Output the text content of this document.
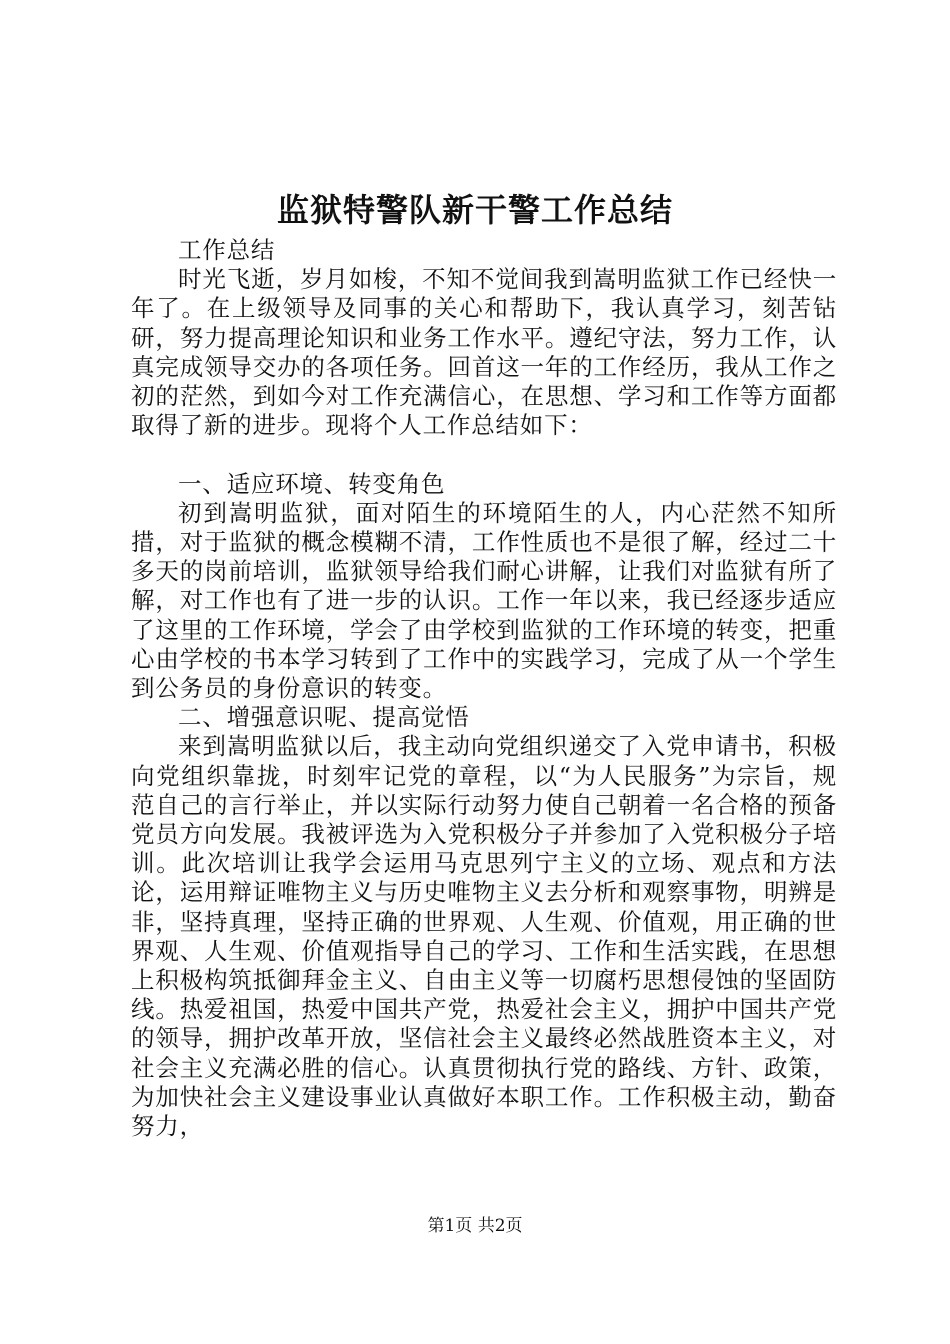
监狱特警队新干警工作总结

工作总结

时光飞逝，岁月如梭，不知不觉间我到嵩明监狱工作已经快一年了。在上级领导及同事的关心和帮助下，我认真学习，刻苦钻研，努力提高理论知识和业务工作水平。遵纪守法，努力工作，认真完成领导交办的各项任务。回首这一年的工作经历，我从工作之初的茫然，到如今对工作充满信心，在思想、学习和工作等方面都取得了新的进步。现将个人工作总结如下：

一、适应环境、转变角色

初到嵩明监狱，面对陌生的环境陌生的人，内心茫然不知所措，对于监狱的概念模糊不清，工作性质也不是很了解，经过二十多天的岗前培训，监狱领导给我们耐心讲解，让我们对监狱有所了解，对工作也有了进一步的认识。工作一年以来，我已经逐步适应了这里的工作环境，学会了由学校到监狱的工作环境的转变，把重心由学校的书本学习转到了工作中的实践学习，完成了从一个学生到公务员的身份意识的转变。

二、增强意识呢、提高觉悟

来到嵩明监狱以后，我主动向党组织递交了入党申请书，积极向党组织靠拢，时刻牢记党的章程，以“为人民服务”为宗旨，规范自己的言行举止，并以实际行动努力使自己朝着一名合格的预备党员方向发展。我被评选为入党积极分子并参加了入党积极分子培训。此次培训让我学会运用马克思列宁主义的立场、观点和方法论，运用辩证唯物主义与历史唯物主义去分析和观察事物，明辨是非，坚持真理，坚持正确的世界观、人生观、价值观，用正确的世界观、人生观、价值观指导自己的学习、工作和生活实践，在思想上积极构筑抵御拜金主义、自由主义等一切腐朽思想侵蚀的坚固防线。热爱祖国，热爱中国共产党，热爱社会主义，拥护中国共产党的领导，拥护改革开放，坚信社会主义最终必然战胜资本主义，对社会主义充满必胜的信心。认真贯彻执行党的路线、方针、政策，为加快社会主义建设事业认真做好本职工作。工作积极主动，勤奋努力，

第1页 共2页
